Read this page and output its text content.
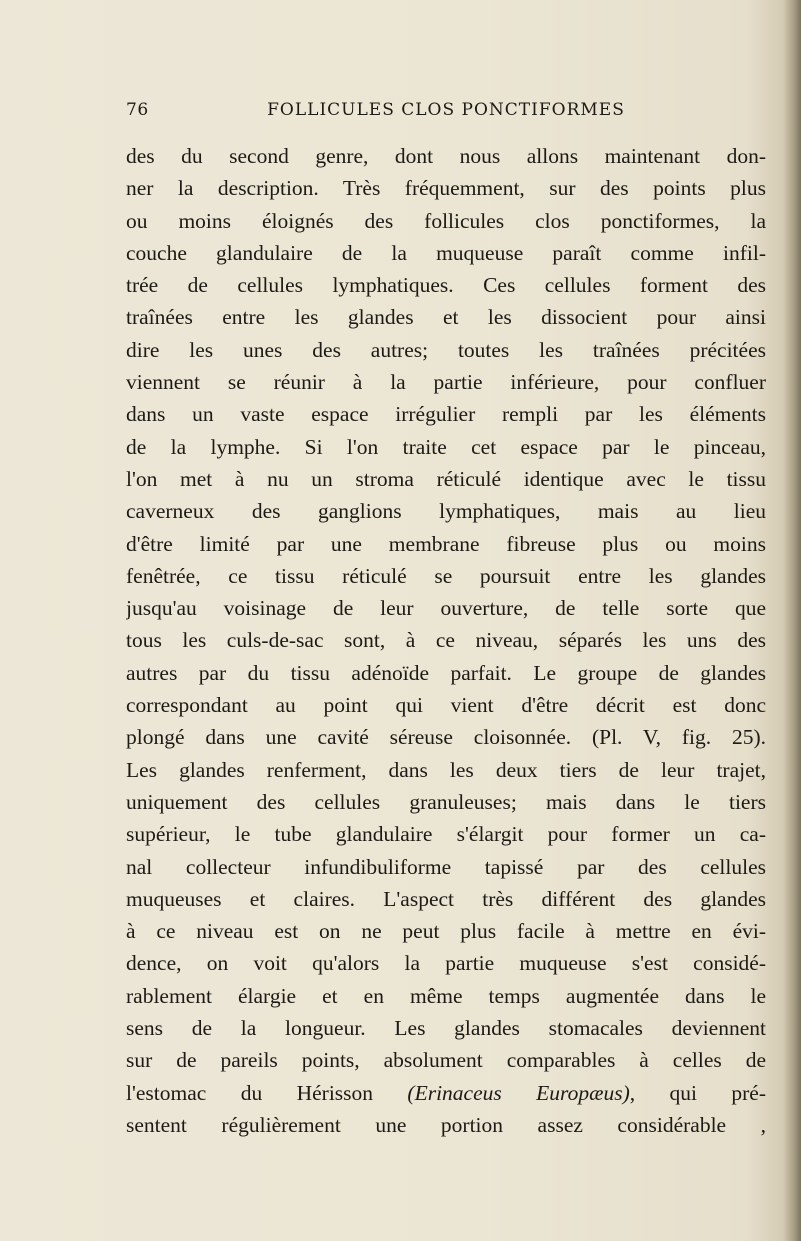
76	FOLLICULES CLOS PONCTIFORMES
des du second genre, dont nous allons maintenant don-
ner la description. Très fréquemment, sur des points plus
ou moins éloignés des follicules clos ponctiformes, la
couche glandulaire de la muqueuse paraît comme infil-
trée de cellules lymphatiques. Ces cellules forment des
traînées entre les glandes et les dissocient pour ainsi
dire les unes des autres; toutes les traînées précitées
viennent se réunir à la partie inférieure, pour confluer
dans un vaste espace irrégulier rempli par les éléments
de la lymphe. Si l'on traite cet espace par le pinceau,
l'on met à nu un stroma réticulé identique avec le tissu
caverneux des ganglions lymphatiques, mais au lieu
d'être limité par une membrane fibreuse plus ou moins
fenêtrée, ce tissu réticulé se poursuit entre les glandes
jusqu'au voisinage de leur ouverture, de telle sorte que
tous les culs-de-sac sont, à ce niveau, séparés les uns des
autres par du tissu adénoïde parfait. Le groupe de glandes
correspondant au point qui vient d'être décrit est donc
plongé dans une cavité séreuse cloisonnée. (Pl. V, fig. 25).
Les glandes renferment, dans les deux tiers de leur trajet,
uniquement des cellules granuleuses; mais dans le tiers
supérieur, le tube glandulaire s'élargit pour former un ca-
nal collecteur infundibuliforme tapissé par des cellules
muqueuses et claires. L'aspect très différent des glandes
à ce niveau est on ne peut plus facile à mettre en évi-
dence, on voit qu'alors la partie muqueuse s'est considé-
rablement élargie et en même temps augmentée dans le
sens de la longueur. Les glandes stomacales deviennent
sur de pareils points, absolument comparables à celles de
l'estomac du Hérisson (Erinaceus Europæus), qui pré-
sentent régulièrement une portion assez considérable ,
